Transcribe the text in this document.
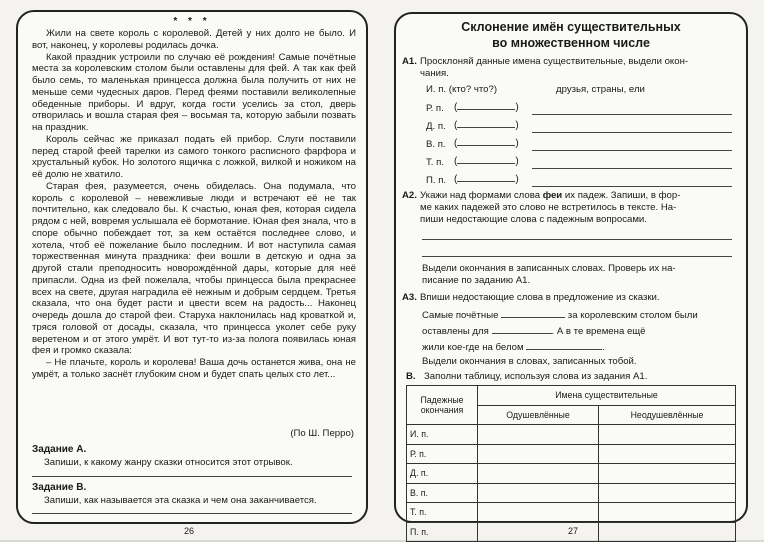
* * *

Жили на свете король с королевой. Детей у них долго не было. И вот, наконец, у королевы родилась дочка.

Какой праздник устроили по случаю её рождения! Самые почётные места за королевским столом были оставлены для фей. А так как фей было семь, то маленькая принцесса должна была получить от них не меньше семи чудесных даров. Перед феями поставили великолепные обеденные приборы. И вдруг, когда гости уселись за стол, дверь отворилась и вошла старая фея – восьмая та, которую забыли позвать на праздник.

Король сейчас же приказал подать ей прибор. Слуги поставили перед старой феей тарелки из самого тонкого расписного фарфора и хрустальный кубок. Но золотого ящичка с ложкой, вилкой и ножиком на её долю не хватило.

Старая фея, разумеется, очень обиделась. Она подумала, что король с королевой – невежливые люди и встречают её не так почтительно, как следовало бы. К счастью, юная фея, которая сидела рядом с ней, вовремя услышала её бормотание. Юная фея знала, что в споре обычно побеждает тот, за кем остаётся последнее слово, и хотела, чтоб её пожелание было последним. И вот наступила самая торжественная минута праздника: феи вошли в детскую и одна за другой стали преподносить новорождённой дары, которые для неё припасли. Одна из фей пожелала, чтобы принцесса была прекраснее всех на свете, другая наградила её нежным и добрым сердцем. Третья сказала, что она будет расти и цвести всем на радость... Наконец очередь дошла до старой феи. Старуха наклонилась над кроваткой и, тряся головой от досады, сказала, что принцесса уколет себе руку веретеном и от этого умрёт. И вот тут-то из-за полога появилась юная фея и громко сказала:

– Не плачьте, король и королева! Ваша дочь останется жива, она не умрёт, а только заснёт глубоким сном и будет спать целых сто лет...

(По Ш. Перро)
Задание А.
Запиши, к какому жанру сказки относится этот отрывок.
Задание В.
Запиши, как называется эта сказка и чем она заканчивается.
26
Склонение имён существительных
во множественном числе
А1. Просклоняй данные имена существительные, выдели окон-
чания.
И. п. (кто? что?)	друзья, страны, ели
Р. п. (	)
Д. п. (	)
В. п. (	)
Т. п. (	)
П. п. (	)
А2. Укажи над формами слова феи их падеж. Запиши, в фор-
ме каких падежей это слово не встретилось в тексте. На-
пиши недостающие слова с падежным вопросами.
Выдели окончания в записанных словах. Проверь их на-
писание по заданию А1.
А3. Впиши недостающие слова в предложение из сказки.
Самые почётные	за королевским столом были
оставлены для	. А в те времена ещё
жили кое-где на белом	.
Выдели окончания в словах, записанных тобой.
В. Заполни таблицу, используя слова из задания А1.
Падежные окончания	Имена существительные	
	Одушевлённые	Неодушевлённые
И. п.		
Р. п.		
Д. п.		
В. п.		
Т. п.		
П. п.			27
